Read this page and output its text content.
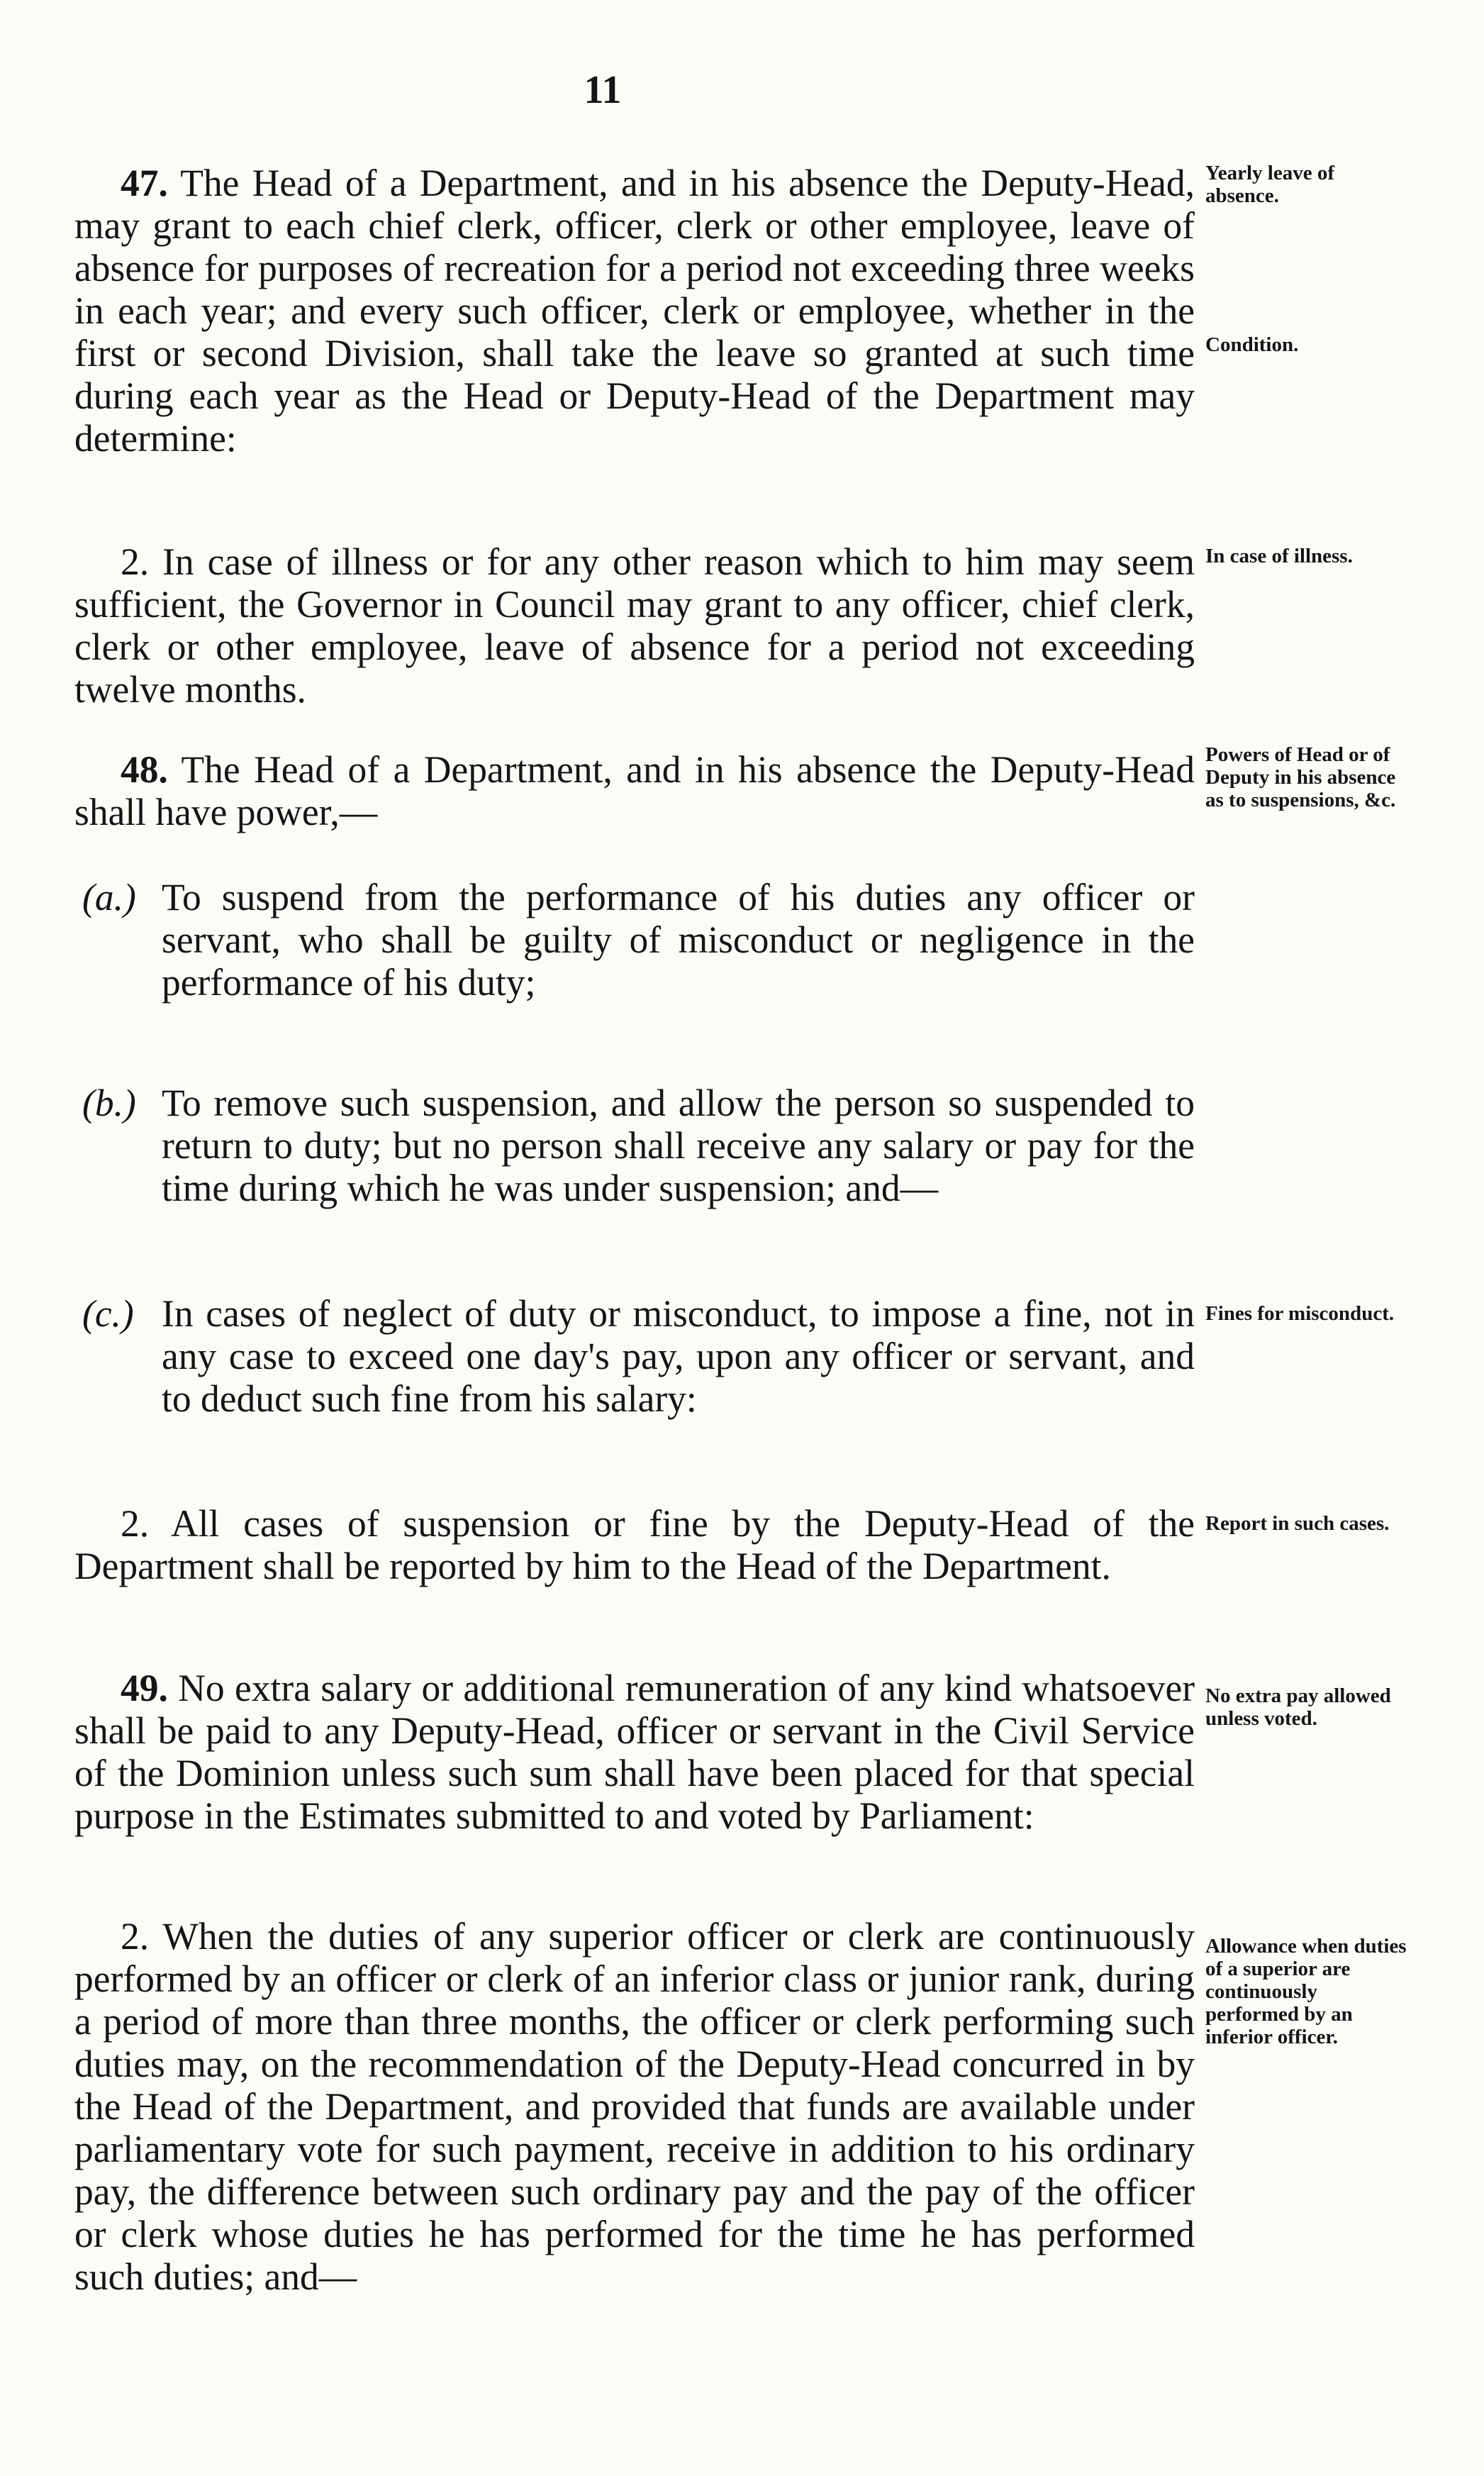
11
47. The Head of a Department, and in his absence the Deputy-Head, may grant to each chief clerk, officer, clerk or other employee, leave of absence for purposes of recreation for a period not exceeding three weeks in each year; and every such officer, clerk or employee, whether in the first or second Division, shall take the leave so granted at such time during each year as the Head or Deputy-Head of the Department may determine:
2. In case of illness or for any other reason which to him may seem sufficient, the Governor in Council may grant to any officer, chief clerk, clerk or other employee, leave of absence for a period not exceeding twelve months.
48. The Head of a Department, and in his absence the Deputy-Head shall have power,—
(a.) To suspend from the performance of his duties any officer or servant, who shall be guilty of misconduct or negligence in the performance of his duty;
(b.) To remove such suspension, and allow the person so suspended to return to duty; but no person shall receive any salary or pay for the time during which he was under suspension; and—
(c.) In cases of neglect of duty or misconduct, to impose a fine, not in any case to exceed one day's pay, upon any officer or servant, and to deduct such fine from his salary:
2. All cases of suspension or fine by the Deputy-Head of the Department shall be reported by him to the Head of the Department.
49. No extra salary or additional remuneration of any kind whatsoever shall be paid to any Deputy-Head, officer or servant in the Civil Service of the Dominion unless such sum shall have been placed for that special purpose in the Estimates submitted to and voted by Parliament:
2. When the duties of any superior officer or clerk are continuously performed by an officer or clerk of an inferior class or junior rank, during a period of more than three months, the officer or clerk performing such duties may, on the recommendation of the Deputy-Head concurred in by the Head of the Department, and provided that funds are available under parliamentary vote for such payment, receive in addition to his ordinary pay, the difference between such ordinary pay and the pay of the officer or clerk whose duties he has performed for the time he has performed such duties; and—
Yearly leave of absence.
Condition.
In case of illness.
Powers of Head or of Deputy in his absence as to suspensions, &c.
Fines for misconduct.
Report in such cases.
No extra pay allowed unless voted.
Allowance when duties of a superior are continuously performed by an inferior officer.
